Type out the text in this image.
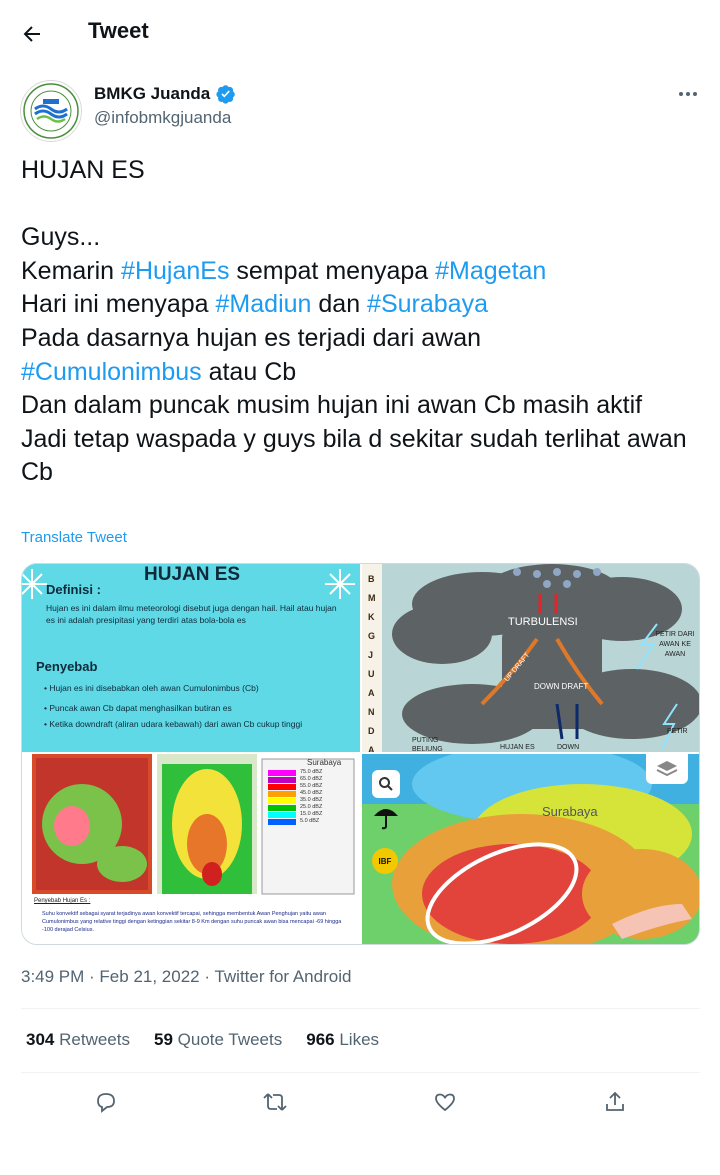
Tweet
BMKG Juanda
@infobmkgjuanda

HUJAN ES

Guys...

Kemarin #HujanEs sempat menyapa #Magetan

Hari ini menyapa #Madiun dan #Surabaya

Pada dasarnya hujan es terjadi dari awan

#Cumulonimbus atau Cb

Dan dalam puncak musim hujan ini awan Cb masih aktif

Jadi tetap waspada y guys bila d sekitar sudah terlihat awan Cb

Translate Tweet
HUJAN ES
Definisi :
Hujan es ini dalam ilmu meteorologi disebut juga dengan hail. Hail atau hujan es ini adalah presipitasi yang terdiri atas bola-bola es
Penyebab
• Hujan es ini disebabkan oleh awan Cumulonimbus (Cb)
• Puncak awan Cb dapat menghasilkan butiran es
• Ketika downdraft (aliran udara kebawah) dari awan Cb cukup tinggi
B
M
K
G
J
U
A
N
D
A
TURBULENSI
UP DRAFT
DOWN DRAFT
PETIR DARI AWAN KE AWAN
PETIR
PUTING BELIUNG	HUJAN ES	DOWN
Surabaya
75.0 dBZ
65.0 dBZ
55.0 dBZ
45.0 dBZ
35.0 dBZ
25.0 dBZ
15.0 dBZ
5.0 dBZ
Penyebab Hujan Es :
Suhu konvektif sebagai syarat terjadinya awan konvektif tercapai, sehingga membentuk Awan Penghujan yaitu awan Cumulonimbus yang relative tinggi dengan ketinggian sekitar 8-9 Km dengan suhu puncak awan bisa mencapai -69 hingga -100 derajad Celsius.
Surabaya
IBF
3:49 PM · Feb 21, 2022 · Twitter for Android
304 Retweets 59 Quote Tweets 966 Likes
